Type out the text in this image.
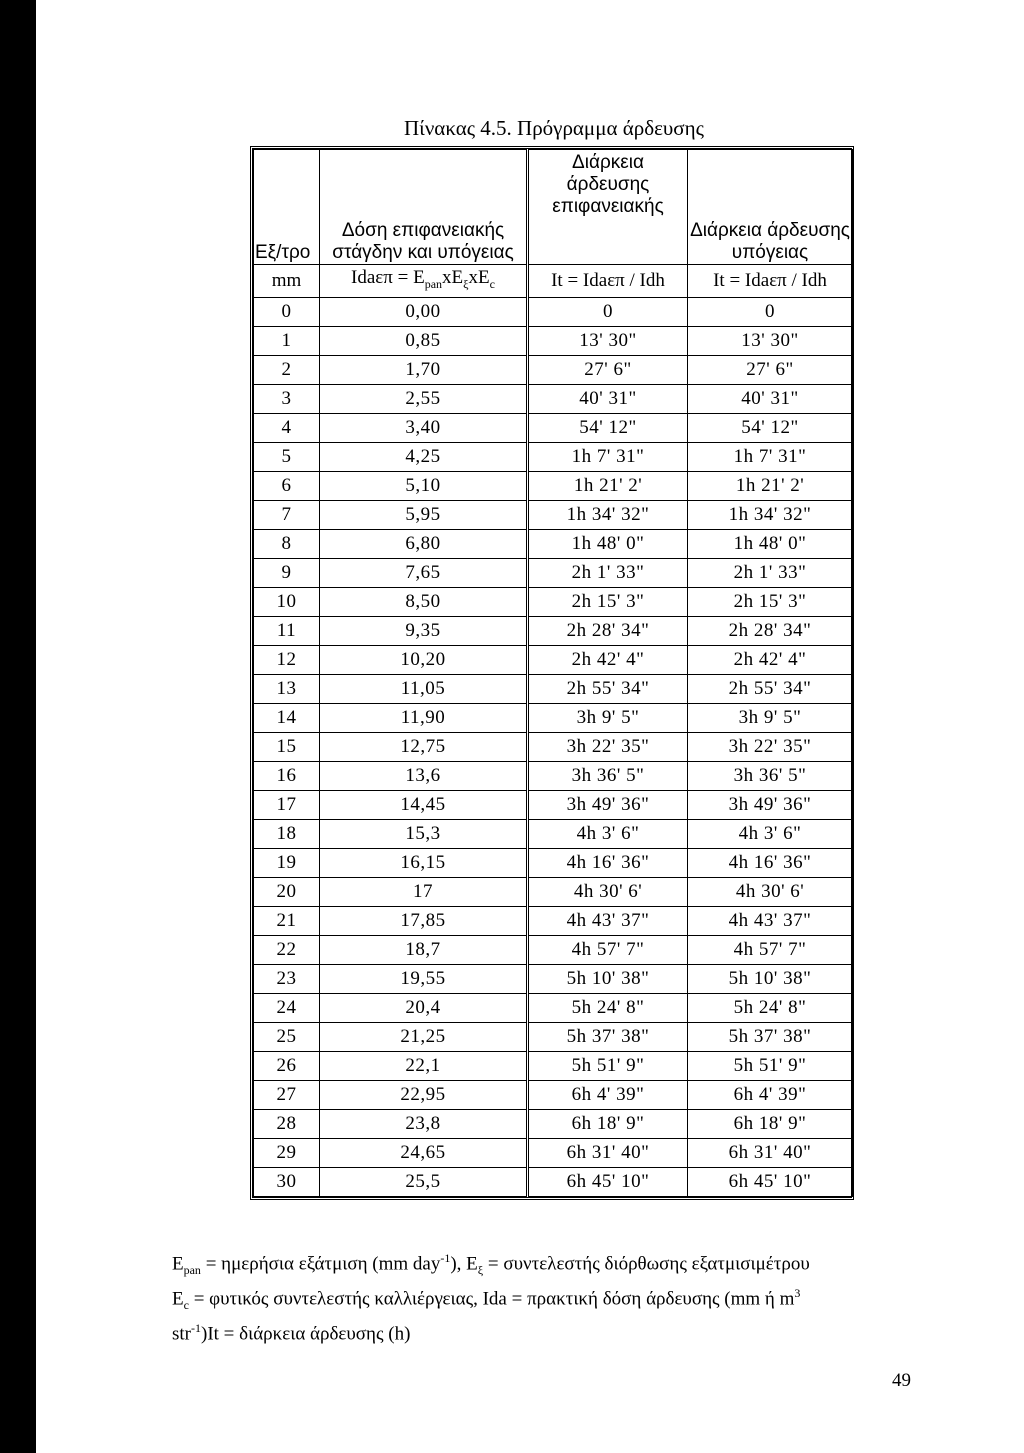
Πίνακας 4.5. Πρόγραμμα άρδευσης
Εξ/τρο	Δόση επιφανειακής στάγδην και υπόγειας	Διάρκεια άρδευσης επιφανειακής	Διάρκεια άρδευσης υπόγειας
mm	$Ida\varepsilon\pi = E_{pan}xE_\xi xE_c$	It = Idaεπ / Idh	It = Idaεπ / Idh
0	0,00	0	0
1	0,85	13' 30"	13' 30"
2	1,70	27' 6"	27' 6"
3	2,55	40' 31"	40' 31"
4	3,40	54' 12"	54' 12"
5	4,25	1h 7' 31"	1h 7' 31"
6	5,10	1h 21' 2'	1h 21' 2'
7	5,95	1h 34' 32"	1h 34' 32"
8	6,80	1h 48' 0"	1h 48' 0"
9	7,65	2h 1' 33"	2h 1' 33"
10	8,50	2h 15' 3"	2h 15' 3"
11	9,35	2h 28' 34"	2h 28' 34"
12	10,20	2h 42' 4"	2h 42' 4"
13	11,05	2h 55' 34"	2h 55' 34"
14	11,90	3h 9' 5"	3h 9' 5"
15	12,75	3h 22' 35"	3h 22' 35"
16	13,6	3h 36' 5"	3h 36' 5"
17	14,45	3h 49' 36"	3h 49' 36"
18	15,3	4h 3' 6"	4h 3' 6"
19	16,15	4h 16' 36"	4h 16' 36"
20	17	4h 30' 6'	4h 30' 6'
21	17,85	4h 43' 37"	4h 43' 37"
22	18,7	4h 57' 7"	4h 57' 7"
23	19,55	5h 10' 38"	5h 10' 38"
24	20,4	5h 24' 8"	5h 24' 8"
25	21,25	5h 37' 38"	5h 37' 38"
26	22,1	5h 51' 9"	5h 51' 9"
27	22,95	6h 4' 39"	6h 4' 39"
28	23,8	6h 18' 9"	6h 18' 9"
29	24,65	6h 31' 40"	6h 31' 40"
30	25,5	6h 45' 10"	6h 45' 10"
$E_{pan} = \eta\mu\varepsilon\rho ή\sigma\iota\alpha$ εξάτμιση (mm day$^{-1}$), $E_\xi = \sigma\upsilon\nu\tau\varepsilon\lambda\varepsilon\sigma\tau ή\varsigma$ διόρθωσης εξατμισιμέτρου
$E_c = \varphi\upsilon\tau\iota\kappa ό\varsigma$ συντελεστής καλλιέργειας, Ida = πρακτική δόση άρδευσης (mm ή $m^3$
str$^{-1}$)It = διάρκεια άρδευσης (h)
49
